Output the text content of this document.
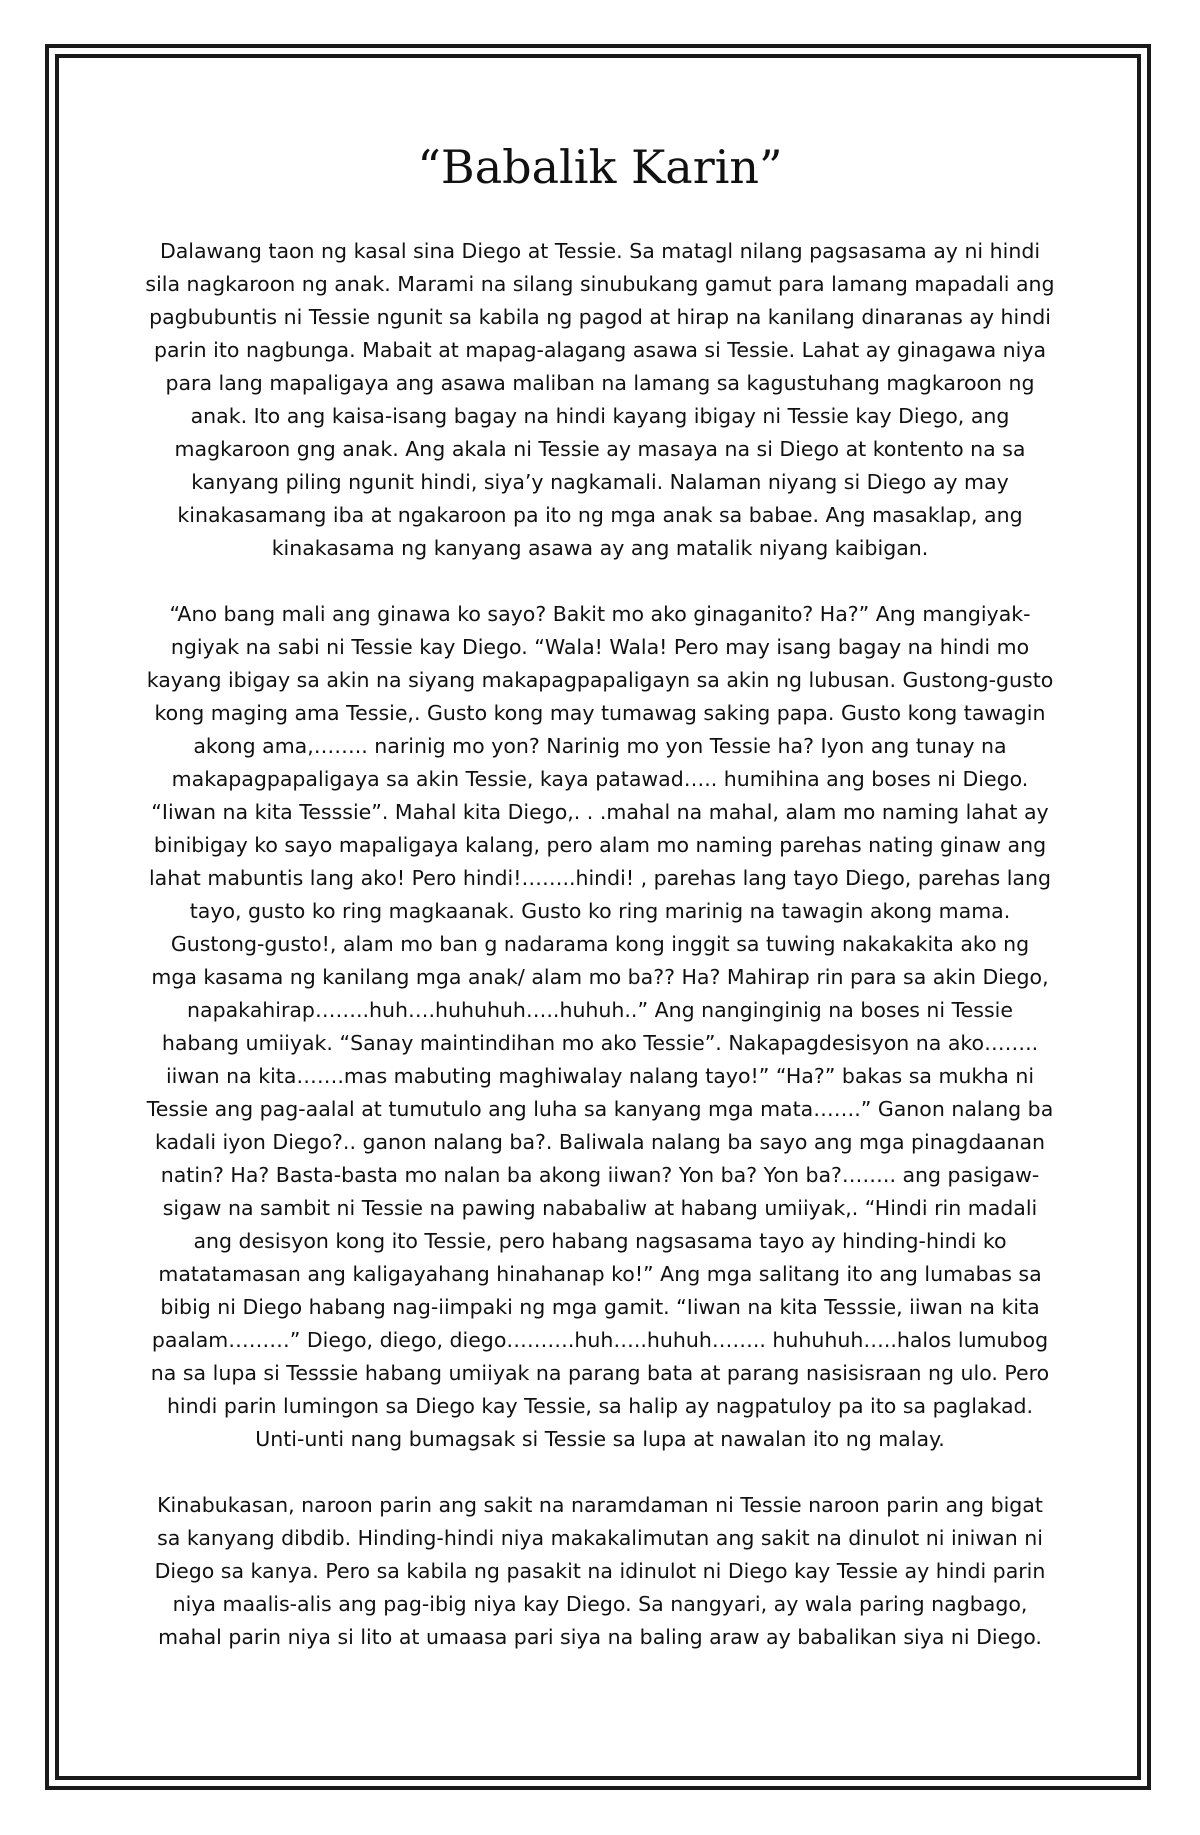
“Babalik Karin”

Dalawang taon ng kasal sina Diego at Tessie. Sa matagl nilang pagsasama ay ni hindi
sila nagkaroon ng anak. Marami na silang sinubukang gamut para lamang mapadali ang
pagbubuntis ni Tessie ngunit sa kabila ng pagod at hirap na kanilang dinaranas ay hindi
parin ito nagbunga. Mabait at mapag-alagang asawa si Tessie. Lahat ay ginagawa niya
para lang mapaligaya ang asawa maliban na lamang sa kagustuhang magkaroon ng
anak. Ito ang kaisa-isang bagay na hindi kayang ibigay ni Tessie kay Diego, ang
magkaroon gng anak. Ang akala ni Tessie ay masaya na si Diego at kontento na sa
kanyang piling ngunit hindi, siya’y nagkamali. Nalaman niyang si Diego ay may
kinakasamang iba at ngakaroon pa ito ng mga anak sa babae. Ang masaklap, ang
kinakasama ng kanyang asawa ay ang matalik niyang kaibigan.

“Ano bang mali ang ginawa ko sayo? Bakit mo ako ginaganito? Ha?” Ang mangiyak-
ngiyak na sabi ni Tessie kay Diego. “Wala! Wala! Pero may isang bagay na hindi mo
kayang ibigay sa akin na siyang makapagpapaligayn sa akin ng lubusan. Gustong-gusto
kong maging ama Tessie,. Gusto kong may tumawag saking papa. Gusto kong tawagin
akong ama,…….. narinig mo yon? Narinig mo yon Tessie ha? Iyon ang tunay na
makapagpapaligaya sa akin Tessie, kaya patawad….. humihina ang boses ni Diego.
“Iiwan na kita Tesssie”. Mahal kita Diego,. . .mahal na mahal, alam mo naming lahat ay
binibigay ko sayo mapaligaya kalang, pero alam mo naming parehas nating ginaw ang
lahat mabuntis lang ako! Pero hindi!……..hindi! , parehas lang tayo Diego, parehas lang
tayo, gusto ko ring magkaanak. Gusto ko ring marinig na tawagin akong mama.
Gustong-gusto!, alam mo ban g nadarama kong inggit sa tuwing nakakakita ako ng
mga kasama ng kanilang mga anak/ alam mo ba?? Ha? Mahirap rin para sa akin Diego,
napakahirap……..huh….huhuhuh…..huhuh..” Ang nanginginig na boses ni Tessie
habang umiiyak. “Sanay maintindihan mo ako Tessie”. Nakapagdesisyon na ako……..
iiwan na kita…….mas mabuting maghiwalay nalang tayo!” “Ha?” bakas sa mukha ni
Tessie ang pag-aalal at tumutulo ang luha sa kanyang mga mata…….” Ganon nalang ba
kadali iyon Diego?.. ganon nalang ba?. Baliwala nalang ba sayo ang mga pinagdaanan
natin? Ha? Basta-basta mo nalan ba akong iiwan? Yon ba? Yon ba?…….. ang pasigaw-
sigaw na sambit ni Tessie na pawing nababaliw at habang umiiyak,. “Hindi rin madali
ang desisyon kong ito Tessie, pero habang nagsasama tayo ay hinding-hindi ko
matatamasan ang kaligayahang hinahanap ko!” Ang mga salitang ito ang lumabas sa
bibig ni Diego habang nag-iimpaki ng mga gamit. “Iiwan na kita Tesssie, iiwan na kita
paalam………” Diego, diego, diego……….huh…..huhuh…….. huhuhuh…..halos lumubog
na sa lupa si Tesssie habang umiiyak na parang bata at parang nasisisraan ng ulo. Pero
hindi parin lumingon sa Diego kay Tessie, sa halip ay nagpatuloy pa ito sa paglakad.
Unti-unti nang bumagsak si Tessie sa lupa at nawalan ito ng malay.

Kinabukasan, naroon parin ang sakit na naramdaman ni Tessie naroon parin ang bigat
sa kanyang dibdib. Hinding-hindi niya makakalimutan ang sakit na dinulot ni iniwan ni
Diego sa kanya. Pero sa kabila ng pasakit na idinulot ni Diego kay Tessie ay hindi parin
niya maalis-alis ang pag-ibig niya kay Diego. Sa nangyari, ay wala paring nagbago,
mahal parin niya si lito at umaasa pari siya na baling araw ay babalikan siya ni Diego.
